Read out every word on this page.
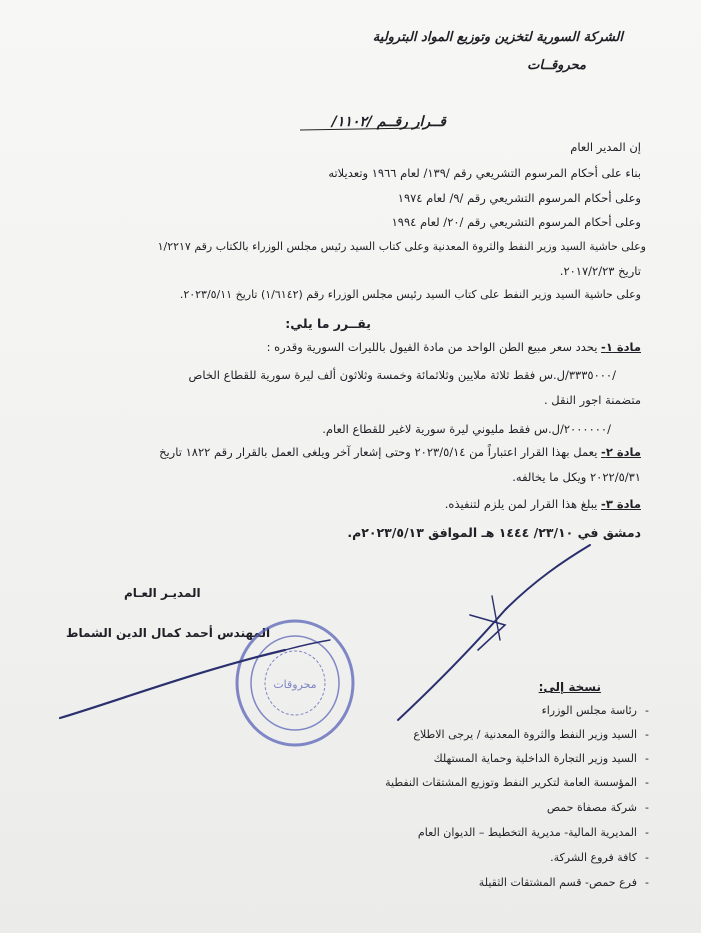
الشركة السورية لتخزين وتوزيع المواد البترولية
محروقــات
قــرار رقــم /١١٠٢/
إن المدير العام
بناء على أحكام المرسوم التشريعي رقم /١٣٩/ لعام ١٩٦٦ وتعديلاته
وعلى أحكام المرسوم التشريعي رقم /٩/ لعام ١٩٧٤
وعلى أحكام المرسوم التشريعي رقم /٢٠/ لعام ١٩٩٤
وعلى حاشية السيد وزير النفط والثروة المعدنية وعلى كتاب السيد رئيس مجلس الوزراء بالكتاب رقم ١/٢٢١٧
تاريخ ٢٠١٧/٢/٢٣.
وعلى حاشية السيد وزير النفط على كتاب السيد رئيس مجلس الوزراء رقم (١/٦١٤٢) تاريخ ٢٠٢٣/٥/١١.
يقــرر ما يلي:
مادة ١- يحدد سعر مبيع الطن الواحد من مادة الفيول بالليرات السورية وقدره :
/٣٣٣٥٠٠٠/ل.س فقط ثلاثة ملايين وثلاثمائة وخمسة وثلاثون ألف ليرة سورية للقطاع الخاص
متضمنة اجور النقل .
/٢٠٠٠٠٠٠/ل.س فقط مليوني ليرة سورية لاغير للقطاع العام.
مادة ٢- يعمل بهذا القرار اعتباراً من ٢٠٢٣/٥/١٤ وحتى إشعار آخر ويلغى العمل بالقرار رقم ١٨٢٢ تاريخ
٢٠٢٢/٥/٣١ ويكل ما يخالفه.
مادة ٣- يبلغ هذا القرار لمن يلزم لتنفيذه.
دمشق في ٢٣/١٠/ ١٤٤٤ هـ الموافق ٢٠٢٣/٥/١٣م.
المديـر العـام
المهندس أحمد كمال الدين الشماط
نسخة إلى:
-رئاسة مجلس الوزراء
-السيد وزير النفط والثروة المعدنية / يرجى الاطلاع
-السيد وزير التجارة الداخلية وحماية المستهلك
-المؤسسة العامة لتكرير النفط وتوزيع المشتقات النفطية
-شركة مصفاة حمص
-المديرية المالية- مديرية التخطيط – الديوان العام
-كافة فروع الشركة.
-فرع حمص- قسم المشتقات الثقيلة
محروقات
